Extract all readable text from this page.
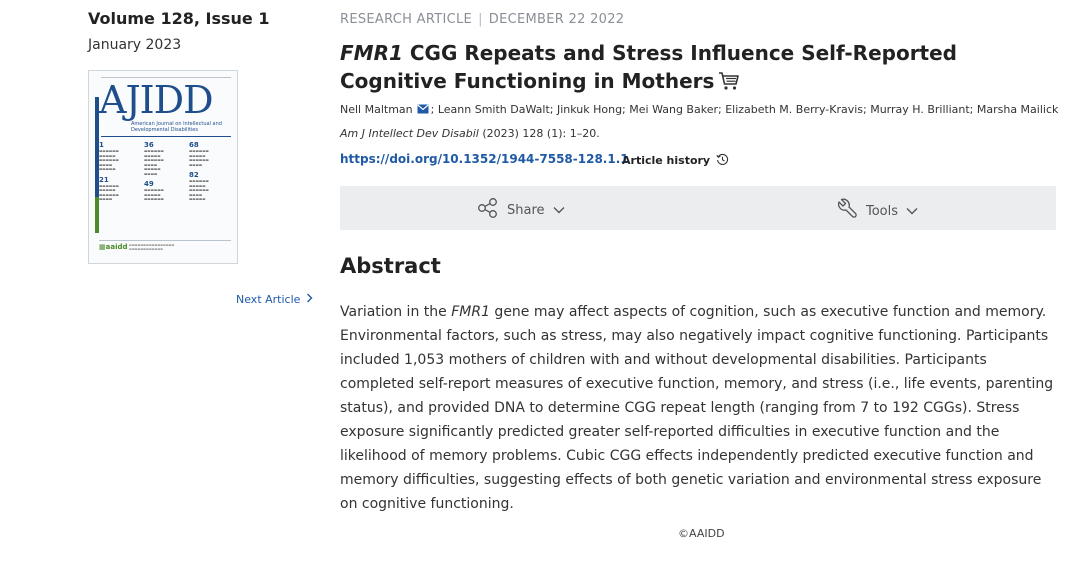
Volume 128, Issue 1
January 2023
AJIDD
American Journal on Intellectual and Developmental Disabilities
1
▬▬▬▬▬▬
▬▬▬▬▬
▬▬▬▬▬▬
▬▬▬▬
▬▬▬▬▬

21
▬▬▬▬▬▬
▬▬▬▬▬
▬▬▬▬▬▬
▬▬▬▬
36
▬▬▬▬▬▬
▬▬▬▬▬
▬▬▬▬▬▬
▬▬▬▬
▬▬▬▬▬
▬▬▬▬

49
▬▬▬▬▬▬
▬▬▬▬▬
▬▬▬▬▬▬
68
▬▬▬▬▬▬
▬▬▬▬▬
▬▬▬▬▬▬
▬▬▬▬

82
▬▬▬▬▬▬
▬▬▬▬▬
▬▬▬▬▬▬
▬▬▬▬
▬▬▬▬▬
▦aaidd ▬▬▬▬▬▬▬▬▬▬▬▬▬▬▬▬
▬▬▬▬▬▬▬▬▬▬▬▬
Next Article
RESEARCH ARTICLE | DECEMBER 22 2022
FMR1 CGG Repeats and Stress Influence Self-Reported Cognitive Functioning in Mothers
Nell Maltman ; Leann Smith DaWalt; Jinkuk Hong; Mei Wang Baker; Elizabeth M. Berry-Kravis; Murray H. Brilliant; Marsha Mailick
Am J Intellect Dev Disabil (2023) 128 (1): 1–20.
https://doi.org/10.1352/1944-7558-128.1.1
Article history
Share	Tools
Abstract
Variation in the FMR1 gene may affect aspects of cognition, such as executive function and memory. Environmental factors, such as stress, may also negatively impact cognitive functioning. Participants included 1,053 mothers of children with and without developmental disabilities. Participants completed self-report measures of executive function, memory, and stress (i.e., life events, parenting status), and provided DNA to determine CGG repeat length (ranging from 7 to 192 CGGs). Stress exposure significantly predicted greater self-reported difficulties in executive function and the likelihood of memory problems. Cubic CGG effects independently predicted executive function and memory difficulties, suggesting effects of both genetic variation and environmental stress exposure on cognitive functioning.
©AAIDD
